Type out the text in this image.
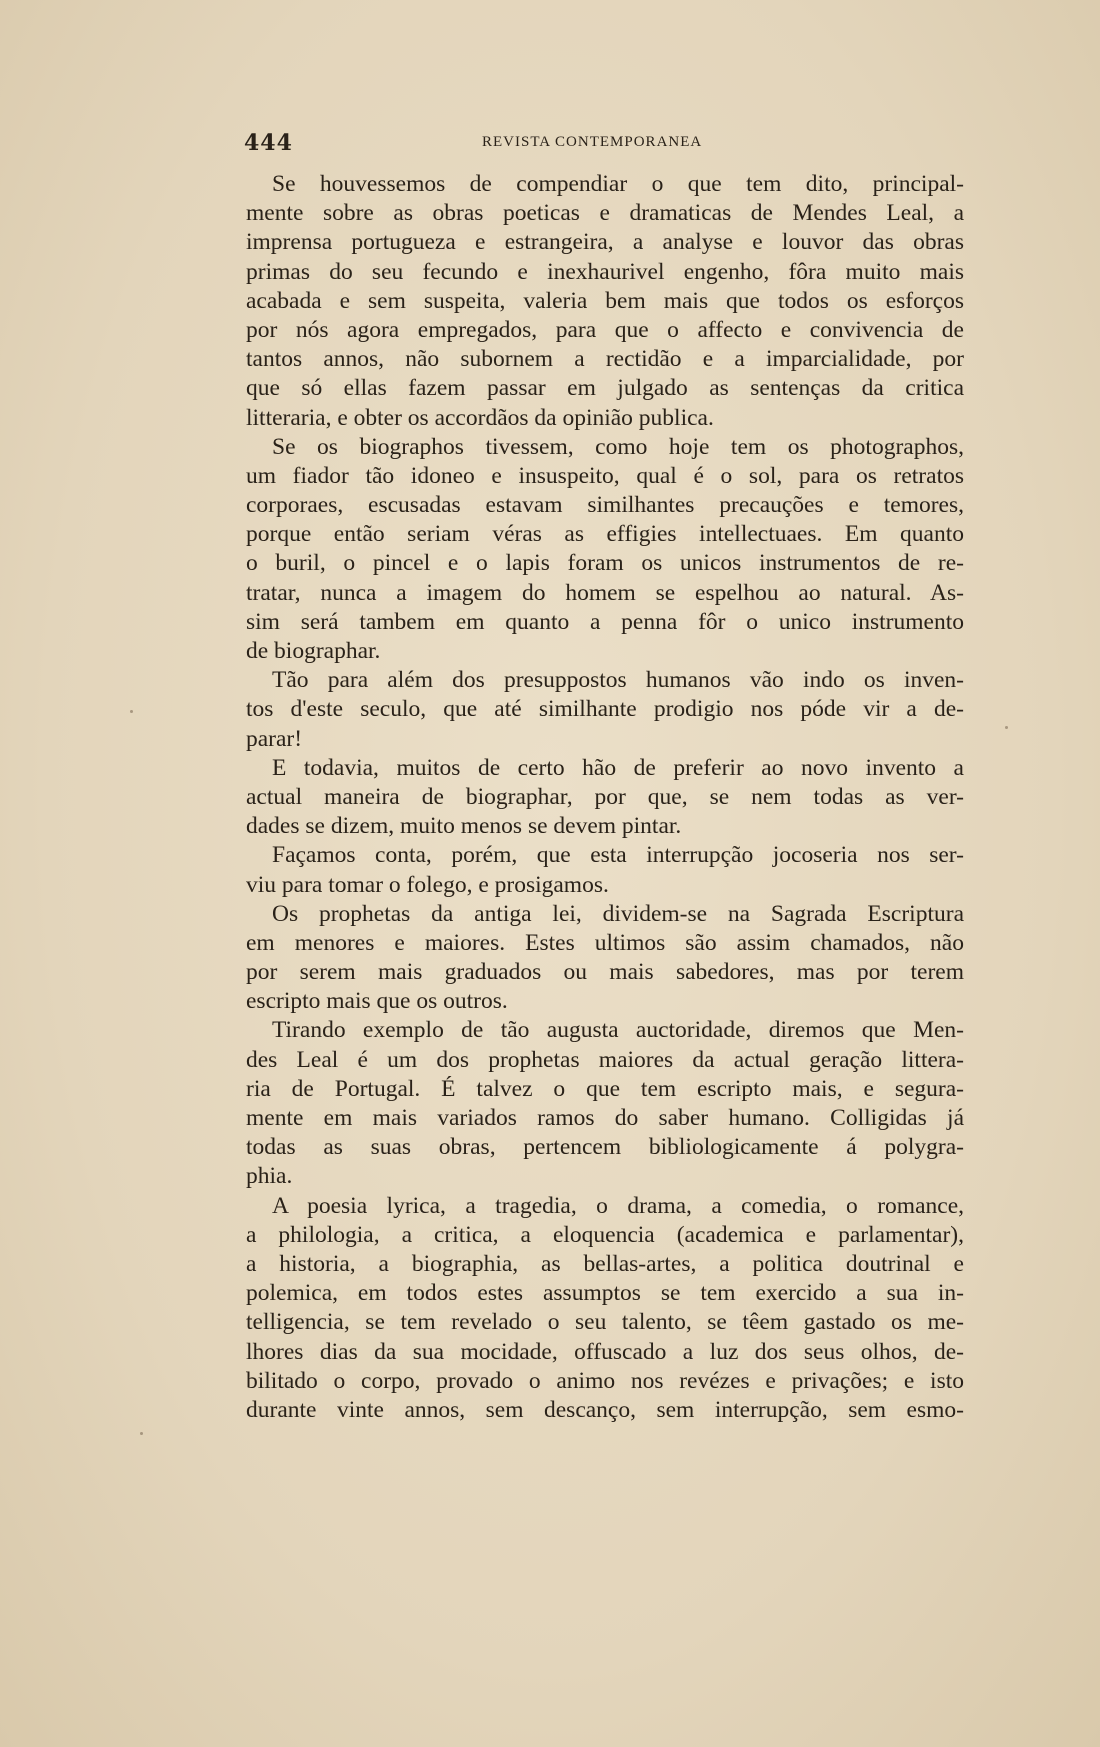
444	REVISTA CONTEMPORANEA
Se houvessemos de compendiar o que tem dito, principal-
mente sobre as obras poeticas e dramaticas de Mendes Leal, a
imprensa portugueza e estrangeira, a analyse e louvor das obras
primas do seu fecundo e inexhaurivel engenho, fôra muito mais
acabada e sem suspeita, valeria bem mais que todos os esforços
por nós agora empregados, para que o affecto e convivencia de
tantos annos, não subornem a rectidão e a imparcialidade, por
que só ellas fazem passar em julgado as sentenças da critica
litteraria, e obter os accordãos da opinião publica.
Se os biographos tivessem, como hoje tem os photographos,
um fiador tão idoneo e insuspeito, qual é o sol, para os retratos
corporaes, escusadas estavam similhantes precauções e temores,
porque então seriam véras as effigies intellectuaes. Em quanto
o buril, o pincel e o lapis foram os unicos instrumentos de re-
tratar, nunca a imagem do homem se espelhou ao natural. As-
sim será tambem em quanto a penna fôr o unico instrumento
de biographar.
Tão para além dos presuppostos humanos vão indo os inven-
tos d'este seculo, que até similhante prodigio nos póde vir a de-
parar!
E todavia, muitos de certo hão de preferir ao novo invento a
actual maneira de biographar, por que, se nem todas as ver-
dades se dizem, muito menos se devem pintar.
Façamos conta, porém, que esta interrupção jocoseria nos ser-
viu para tomar o folego, e prosigamos.
Os prophetas da antiga lei, dividem-se na Sagrada Escriptura
em menores e maiores. Estes ultimos são assim chamados, não
por serem mais graduados ou mais sabedores, mas por terem
escripto mais que os outros.
Tirando exemplo de tão augusta auctoridade, diremos que Men-
des Leal é um dos prophetas maiores da actual geração littera-
ria de Portugal. É talvez o que tem escripto mais, e segura-
mente em mais variados ramos do saber humano. Colligidas já
todas as suas obras, pertencem bibliologicamente á polygra-
phia.
A poesia lyrica, a tragedia, o drama, a comedia, o romance,
a philologia, a critica, a eloquencia (academica e parlamentar),
a historia, a biographia, as bellas-artes, a politica doutrinal e
polemica, em todos estes assumptos se tem exercido a sua in-
telligencia, se tem revelado o seu talento, se têem gastado os me-
lhores dias da sua mocidade, offuscado a luz dos seus olhos, de-
bilitado o corpo, provado o animo nos revézes e privações; e isto
durante vinte annos, sem descanço, sem interrupção, sem esmo-
